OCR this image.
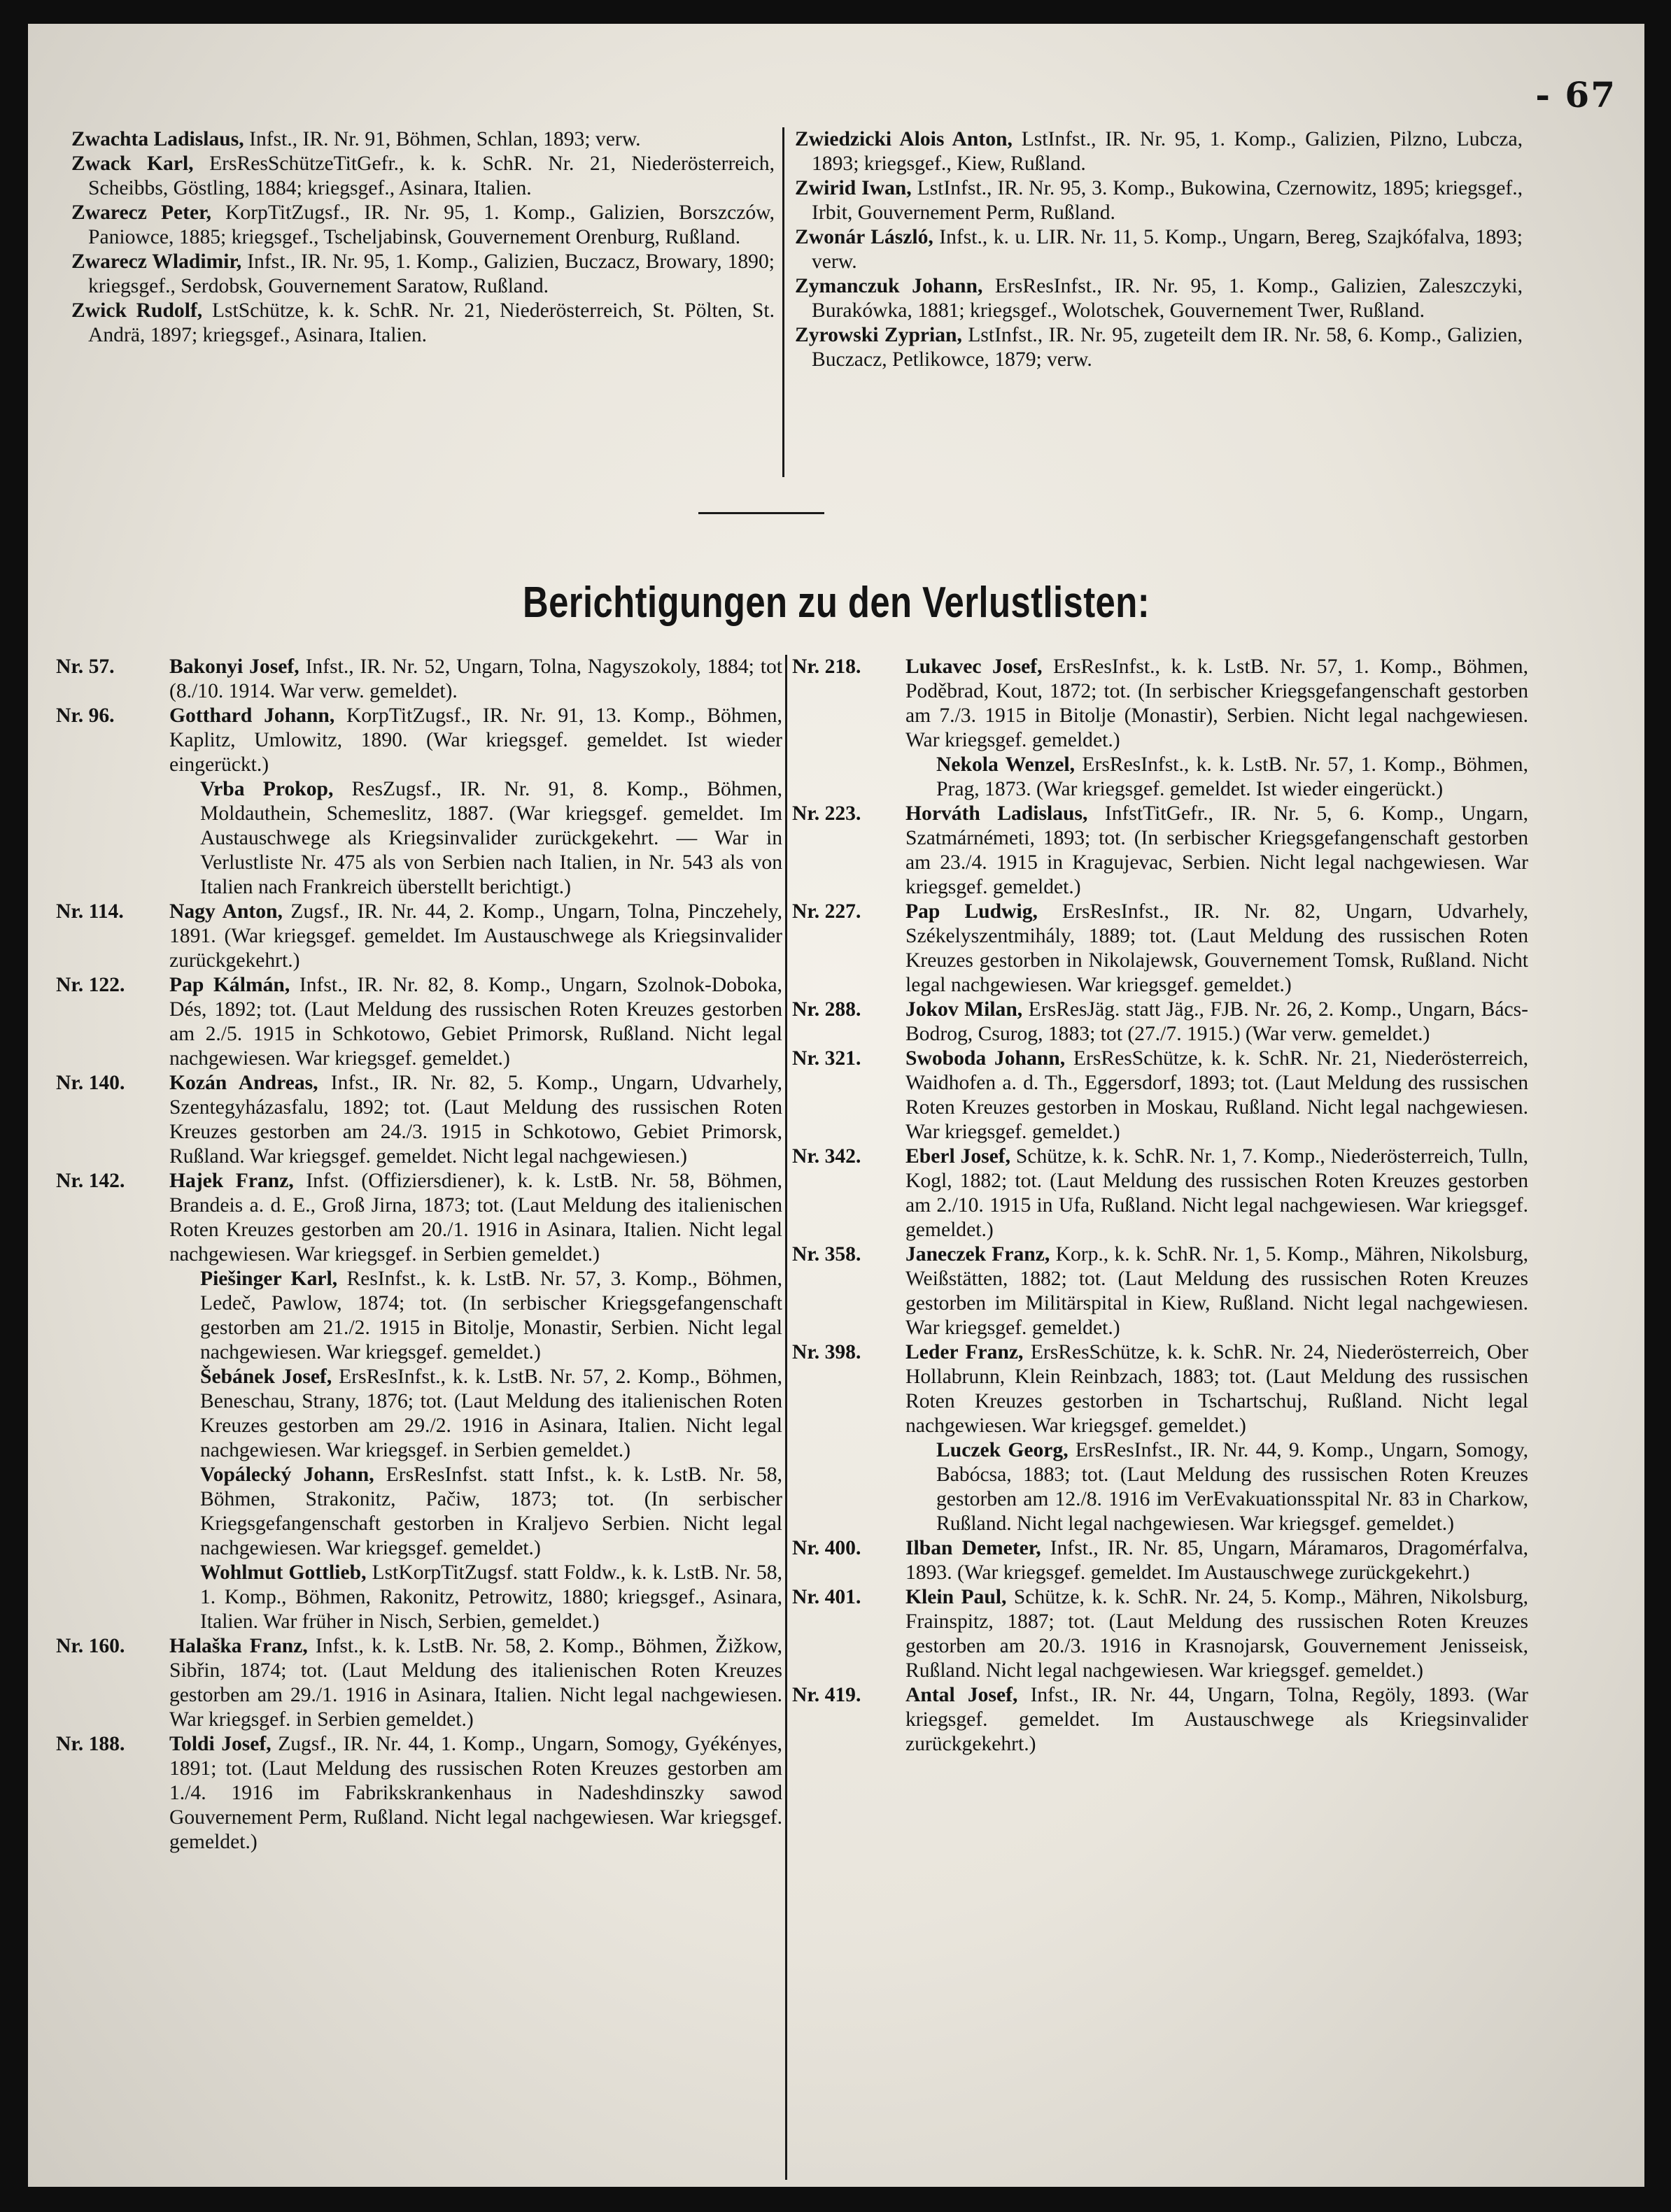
- 67

Zwachta Ladislaus, Infst., IR. Nr. 91, Böhmen, Schlan, 1893; verw.

Zwack Karl, ErsResSchützeTitGefr., k. k. SchR. Nr. 21, Niederösterreich, Scheibbs, Göstling, 1884; kriegsgef., Asinara, Italien.

Zwarecz Peter, KorpTitZugsf., IR. Nr. 95, 1. Komp., Galizien, Borszczów, Paniowce, 1885; kriegsgef., Tscheljabinsk, Gouvernement Orenburg, Rußland.

Zwarecz Wladimir, Infst., IR. Nr. 95, 1. Komp., Galizien, Buczacz, Browary, 1890; kriegsgef., Serdobsk, Gouvernement Saratow, Rußland.

Zwick Rudolf, LstSchütze, k. k. SchR. Nr. 21, Niederösterreich, St. Pölten, St. Andrä, 1897; kriegsgef., Asinara, Italien.

Zwiedzicki Alois Anton, LstInfst., IR. Nr. 95, 1. Komp., Galizien, Pilzno, Lubcza, 1893; kriegsgef., Kiew, Rußland.

Zwirid Iwan, LstInfst., IR. Nr. 95, 3. Komp., Bukowina, Czernowitz, 1895; kriegsgef., Irbit, Gouvernement Perm, Rußland.

Zwonár László, Infst., k. u. LIR. Nr. 11, 5. Komp., Ungarn, Bereg, Szajkófalva, 1893; verw.

Zymanczuk Johann, ErsResInfst., IR. Nr. 95, 1. Komp., Galizien, Zaleszczyki, Burakówka, 1881; kriegsgef., Wolotschek, Gouvernement Twer, Rußland.

Zyrowski Zyprian, LstInfst., IR. Nr. 95, zugeteilt dem IR. Nr. 58, 6. Komp., Galizien, Buczacz, Petlikowce, 1879; verw.

Berichtigungen zu den Verlustlisten:
Nr. 57.	Bakonyi Josef, Infst., IR. Nr. 52, Ungarn, Tolna, Nagyszokoly, 1884; tot (8./10. 1914. War verw. gemeldet).
Nr. 96.	Gotthard Johann, KorpTitZugsf., IR. Nr. 91, 13. Komp., Böhmen, Kaplitz, Umlowitz, 1890. (War kriegsgef. gemeldet. Ist wieder eingerückt.)

Vrba Prokop, ResZugsf., IR. Nr. 91, 8. Komp., Böhmen, Moldauthein, Schemeslitz, 1887. (War kriegsgef. gemeldet. Im Austauschwege als Kriegsinvalider zurückgekehrt. — War in Verlustliste Nr. 475 als von Serbien nach Italien, in Nr. 543 als von Italien nach Frankreich überstellt berichtigt.)

Nr. 114.	Nagy Anton, Zugsf., IR. Nr. 44, 2. Komp., Ungarn, Tolna, Pinczehely, 1891. (War kriegsgef. gemeldet. Im Austauschwege als Kriegsinvalider zurückgekehrt.)
Nr. 122.	Pap Kálmán, Infst., IR. Nr. 82, 8. Komp., Ungarn, Szolnok-Doboka, Dés, 1892; tot. (Laut Meldung des russischen Roten Kreuzes gestorben am 2./5. 1915 in Schkotowo, Gebiet Primorsk, Rußland. Nicht legal nachgewiesen. War kriegsgef. gemeldet.)
Nr. 140.	Kozán Andreas, Infst., IR. Nr. 82, 5. Komp., Ungarn, Udvarhely, Szentegyházasfalu, 1892; tot. (Laut Meldung des russischen Roten Kreuzes gestorben am 24./3. 1915 in Schkotowo, Gebiet Primorsk, Rußland. War kriegsgef. gemeldet. Nicht legal nachgewiesen.)
Nr. 142.	Hajek Franz, Infst. (Offiziersdiener), k. k. LstB. Nr. 58, Böhmen, Brandeis a. d. E., Groß Jirna, 1873; tot. (Laut Meldung des italienischen Roten Kreuzes gestorben am 20./1. 1916 in Asinara, Italien. Nicht legal nachgewiesen. War kriegsgef. in Serbien gemeldet.)

Piešinger Karl, ResInfst., k. k. LstB. Nr. 57, 3. Komp., Böhmen, Ledeč, Pawlow, 1874; tot. (In serbischer Kriegsgefangenschaft gestorben am 21./2. 1915 in Bitolje, Monastir, Serbien. Nicht legal nachgewiesen. War kriegsgef. gemeldet.)

Šebánek Josef, ErsResInfst., k. k. LstB. Nr. 57, 2. Komp., Böhmen, Beneschau, Strany, 1876; tot. (Laut Meldung des italienischen Roten Kreuzes gestorben am 29./2. 1916 in Asinara, Italien. Nicht legal nachgewiesen. War kriegsgef. in Serbien gemeldet.)

Vopálecký Johann, ErsResInfst. statt Infst., k. k. LstB. Nr. 58, Böhmen, Strakonitz, Pačiw, 1873; tot. (In serbischer Kriegsgefangenschaft gestorben in Kraljevo Serbien. Nicht legal nachgewiesen. War kriegsgef. gemeldet.)

Wohlmut Gottlieb, LstKorpTitZugsf. statt Foldw., k. k. LstB. Nr. 58, 1. Komp., Böhmen, Rakonitz, Petrowitz, 1880; kriegsgef., Asinara, Italien. War früher in Nisch, Serbien, gemeldet.)

Nr. 160.	Halaška Franz, Infst., k. k. LstB. Nr. 58, 2. Komp., Böhmen, Žižkow, Sibřin, 1874; tot. (Laut Meldung des italienischen Roten Kreuzes gestorben am 29./1. 1916 in Asinara, Italien. Nicht legal nachgewiesen. War kriegsgef. in Serbien gemeldet.)
Nr. 188.	Toldi Josef, Zugsf., IR. Nr. 44, 1. Komp., Ungarn, Somogy, Gyékényes, 1891; tot. (Laut Meldung des russischen Roten Kreuzes gestorben am 1./4. 1916 im Fabrikskrankenhaus in Nadeshdinszky sawod Gouvernement Perm, Rußland. Nicht legal nachgewiesen. War kriegsgef. gemeldet.)
Nr. 218.	Lukavec Josef, ErsResInfst., k. k. LstB. Nr. 57, 1. Komp., Böhmen, Poděbrad, Kout, 1872; tot. (In serbischer Kriegsgefangenschaft gestorben am 7./3. 1915 in Bitolje (Monastir), Serbien. Nicht legal nachgewiesen. War kriegsgef. gemeldet.)

Nekola Wenzel, ErsResInfst., k. k. LstB. Nr. 57, 1. Komp., Böhmen, Prag, 1873. (War kriegsgef. gemeldet. Ist wieder eingerückt.)

Nr. 223.	Horváth Ladislaus, InfstTitGefr., IR. Nr. 5, 6. Komp., Ungarn, Szatmárnémeti, 1893; tot. (In serbischer Kriegsgefangenschaft gestorben am 23./4. 1915 in Kragujevac, Serbien. Nicht legal nachgewiesen. War kriegsgef. gemeldet.)
Nr. 227.	Pap Ludwig, ErsResInfst., IR. Nr. 82, Ungarn, Udvarhely, Székelyszentmihály, 1889; tot. (Laut Meldung des russischen Roten Kreuzes gestorben in Nikolajewsk, Gouvernement Tomsk, Rußland. Nicht legal nachgewiesen. War kriegsgef. gemeldet.)
Nr. 288.	Jokov Milan, ErsResJäg. statt Jäg., FJB. Nr. 26, 2. Komp., Ungarn, Bács-Bodrog, Csurog, 1883; tot (27./7. 1915.) (War verw. gemeldet.)
Nr. 321.	Swoboda Johann, ErsResSchütze, k. k. SchR. Nr. 21, Niederösterreich, Waidhofen a. d. Th., Eggersdorf, 1893; tot. (Laut Meldung des russischen Roten Kreuzes gestorben in Moskau, Rußland. Nicht legal nachgewiesen. War kriegsgef. gemeldet.)
Nr. 342.	Eberl Josef, Schütze, k. k. SchR. Nr. 1, 7. Komp., Niederösterreich, Tulln, Kogl, 1882; tot. (Laut Meldung des russischen Roten Kreuzes gestorben am 2./10. 1915 in Ufa, Rußland. Nicht legal nachgewiesen. War kriegsgef. gemeldet.)
Nr. 358.	Janeczek Franz, Korp., k. k. SchR. Nr. 1, 5. Komp., Mähren, Nikolsburg, Weißstätten, 1882; tot. (Laut Meldung des russischen Roten Kreuzes gestorben im Militärspital in Kiew, Rußland. Nicht legal nachgewiesen. War kriegsgef. gemeldet.)
Nr. 398.	Leder Franz, ErsResSchütze, k. k. SchR. Nr. 24, Niederösterreich, Ober Hollabrunn, Klein Reinbzach, 1883; tot. (Laut Meldung des russischen Roten Kreuzes gestorben in Tschartschuj, Rußland. Nicht legal nachgewiesen. War kriegsgef. gemeldet.)

Luczek Georg, ErsResInfst., IR. Nr. 44, 9. Komp., Ungarn, Somogy, Babócsa, 1883; tot. (Laut Meldung des russischen Roten Kreuzes gestorben am 12./8. 1916 im VerEvakuationsspital Nr. 83 in Charkow, Rußland. Nicht legal nachgewiesen. War kriegsgef. gemeldet.)

Nr. 400.	Ilban Demeter, Infst., IR. Nr. 85, Ungarn, Máramaros, Dragomérfalva, 1893. (War kriegsgef. gemeldet. Im Austauschwege zurückgekehrt.)
Nr. 401.	Klein Paul, Schütze, k. k. SchR. Nr. 24, 5. Komp., Mähren, Nikolsburg, Frainspitz, 1887; tot. (Laut Meldung des russischen Roten Kreuzes gestorben am 20./3. 1916 in Krasnojarsk, Gouvernement Jenisseisk, Rußland. Nicht legal nachgewiesen. War kriegsgef. gemeldet.)
Nr. 419.	Antal Josef, Infst., IR. Nr. 44, Ungarn, Tolna, Regöly, 1893. (War kriegsgef. gemeldet. Im Austauschwege als Kriegsinvalider zurückgekehrt.)
